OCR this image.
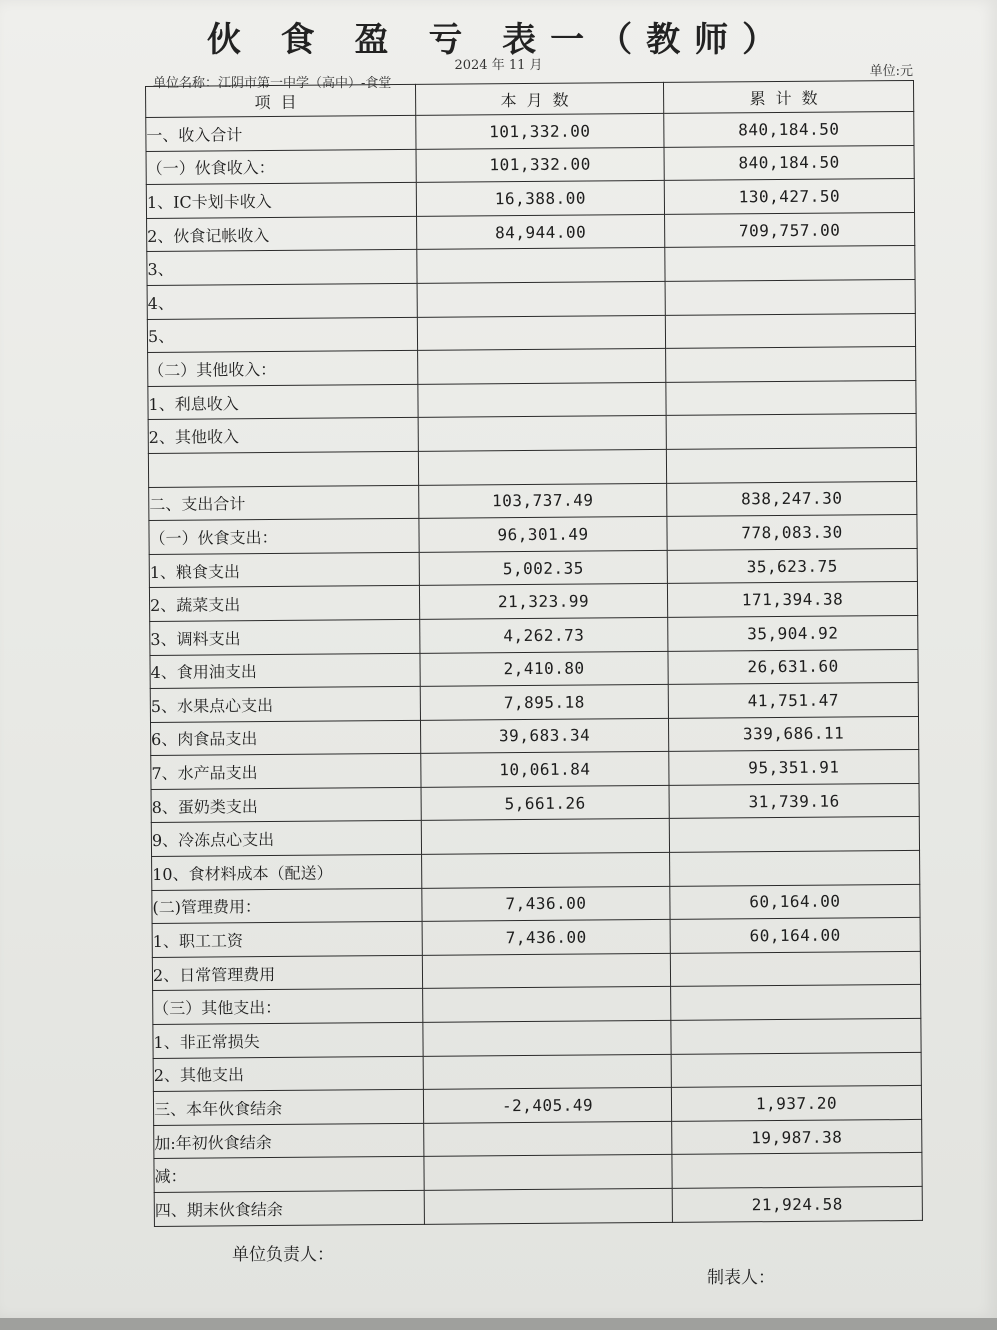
伙 食 盈 亏 表一（教师）
2024 年 11 月	单位:元
单位名称：江阴市第一中学（高中）-食堂
项目	本月数	累计数
一、收入合计	101,332.00	840,184.50
（一）伙食收入：	101,332.00	840,184.50
1、IC卡划卡收入	16,388.00	130,427.50
2、伙食记帐收入	84,944.00	709,757.00
3、		
4、		
5、		
（二）其他收入：		
1、利息收入		
2、其他收入		

二、支出合计	103,737.49	838,247.30
（一）伙食支出：	96,301.49	778,083.30
1、粮食支出	5,002.35	35,623.75
2、蔬菜支出	21,323.99	171,394.38
3、调料支出	4,262.73	35,904.92
4、食用油支出	2,410.80	26,631.60
5、水果点心支出	7,895.18	41,751.47
6、肉食品支出	39,683.34	339,686.11
7、水产品支出	10,061.84	95,351.91
8、蛋奶类支出	5,661.26	31,739.16
9、冷冻点心支出		
10、食材料成本（配送）		
(二)管理费用：	7,436.00	60,164.00
1、职工工资	7,436.00	60,164.00
2、日常管理费用		
（三）其他支出：		
1、非正常损失		
2、其他支出		
三、本年伙食结余	-2,405.49	1,937.20
加:年初伙食结余		19,987.38
减：		
四、期末伙食结余		21,924.58
单位负责人：
制表人：
